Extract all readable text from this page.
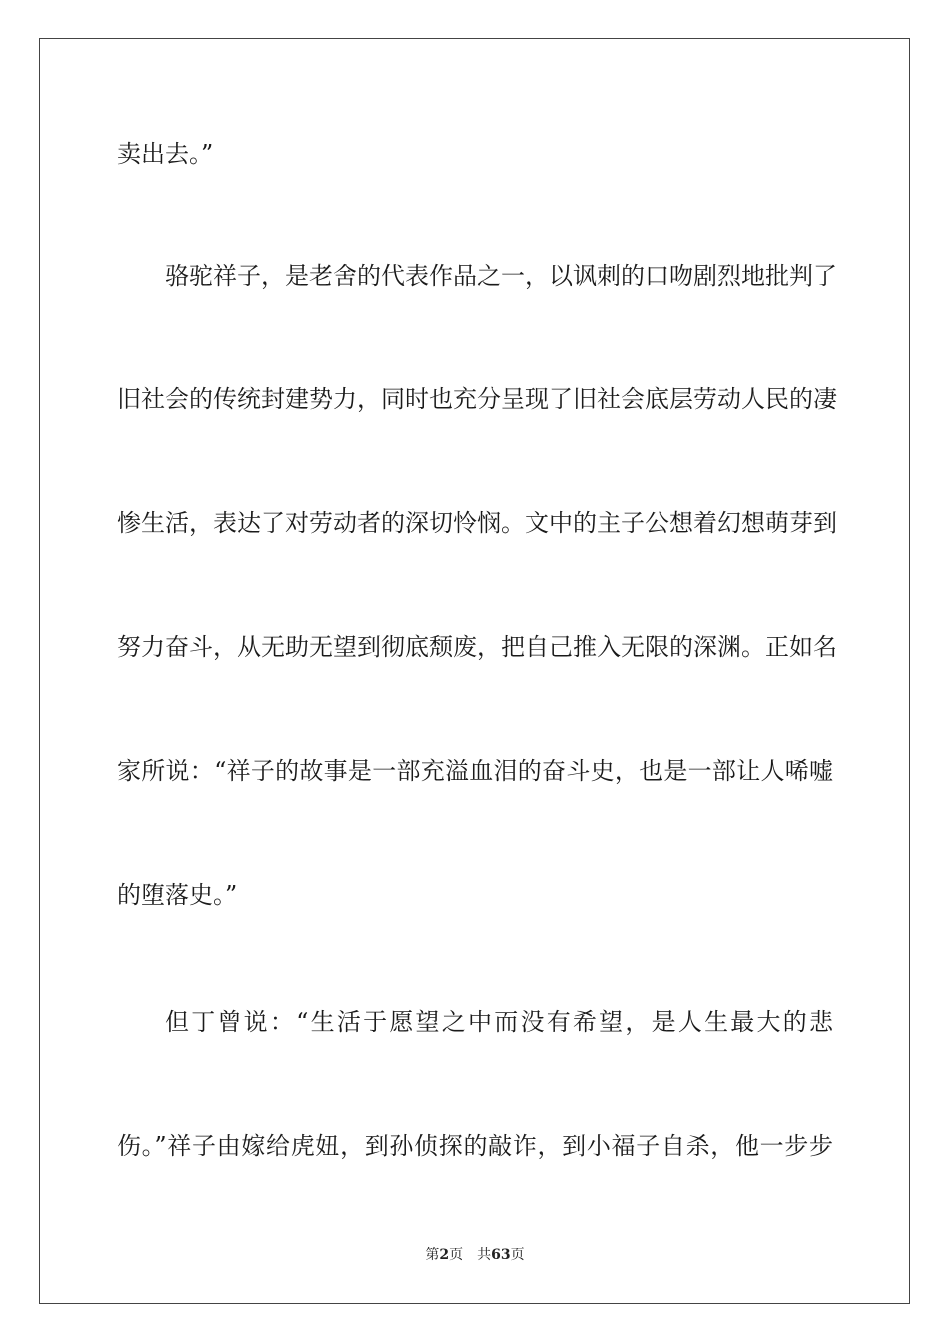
卖出去。”
骆驼祥子，是老舍的代表作品之一，以讽刺的口吻剧烈地批判了
旧社会的传统封建势力，同时也充分呈现了旧社会底层劳动人民的凄
惨生活，表达了对劳动者的深切怜悯。文中的主子公想着幻想萌芽到
努力奋斗，从无助无望到彻底颓废，把自己推入无限的深渊。正如名
家所说：“祥子的故事是一部充溢血泪的奋斗史，也是一部让人唏嘘
的堕落史。”
但丁曾说：“生活于愿望之中而没有希望，是人生最大的悲
伤。”祥子由嫁给虎妞，到孙侦探的敲诈，到小福子自杀，他一步步
第2页 共63页
